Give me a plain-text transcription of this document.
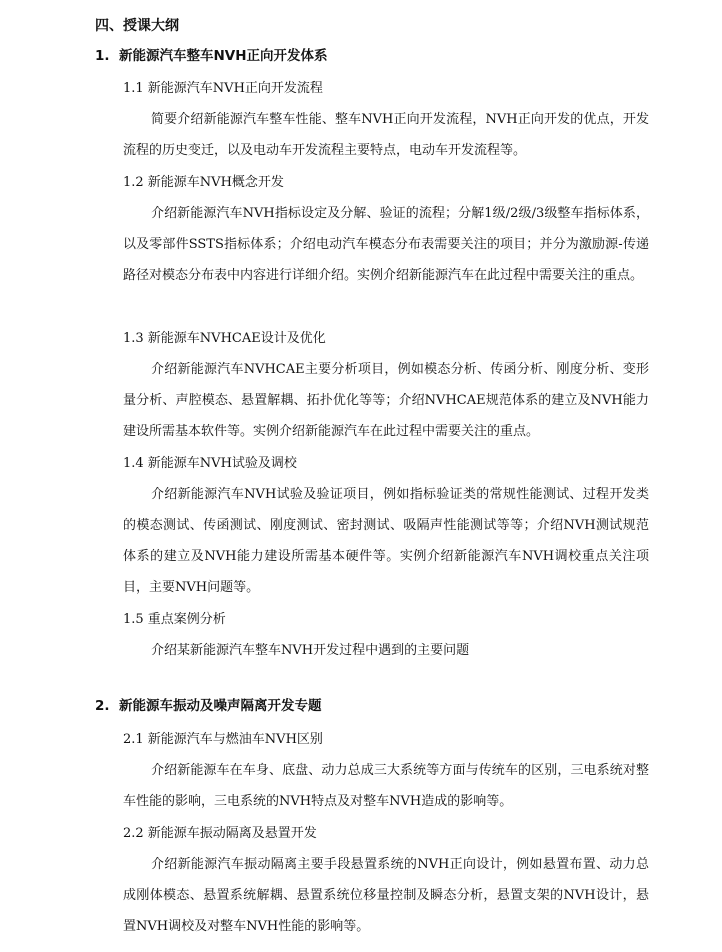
四、授课大纲
1. 新能源汽车整车NVH正向开发体系
1.1 新能源汽车NVH正向开发流程

简要介绍新能源汽车整车性能、整车NVH正向开发流程，NVH正向开发的优点，开发流程的历史变迁，以及电动车开发流程主要特点，电动车开发流程等。

1.2 新能源车NVH概念开发

介绍新能源汽车NVH指标设定及分解、验证的流程；分解1级/2级/3级整车指标体系，以及零部件SSTS指标体系；介绍电动汽车模态分布表需要关注的项目；并分为激励源-传递路径对模态分布表中内容进行详细介绍。实例介绍新能源汽车在此过程中需要关注的重点。

1.3 新能源车NVHCAE设计及优化

介绍新能源汽车NVHCAE主要分析项目，例如模态分析、传函分析、刚度分析、变形量分析、声腔模态、悬置解耦、拓扑优化等等；介绍NVHCAE规范体系的建立及NVH能力建设所需基本软件等。实例介绍新能源汽车在此过程中需要关注的重点。

1.4 新能源车NVH试验及调校

介绍新能源汽车NVH试验及验证项目，例如指标验证类的常规性能测试、过程开发类的模态测试、传函测试、刚度测试、密封测试、吸隔声性能测试等等；介绍NVH测试规范体系的建立及NVH能力建设所需基本硬件等。实例介绍新能源汽车NVH调校重点关注项目，主要NVH问题等。

1.5 重点案例分析

介绍某新能源汽车整车NVH开发过程中遇到的主要问题

2. 新能源车振动及噪声隔离开发专题
2.1 新能源汽车与燃油车NVH区别

介绍新能源车在车身、底盘、动力总成三大系统等方面与传统车的区别，三电系统对整车性能的影响，三电系统的NVH特点及对整车NVH造成的影响等。

2.2 新能源车振动隔离及悬置开发

介绍新能源汽车振动隔离主要手段悬置系统的NVH正向设计，例如悬置布置、动力总成刚体模态、悬置系统解耦、悬置系统位移量控制及瞬态分析，悬置支架的NVH设计，悬置NVH调校及对整车NVH性能的影响等。
